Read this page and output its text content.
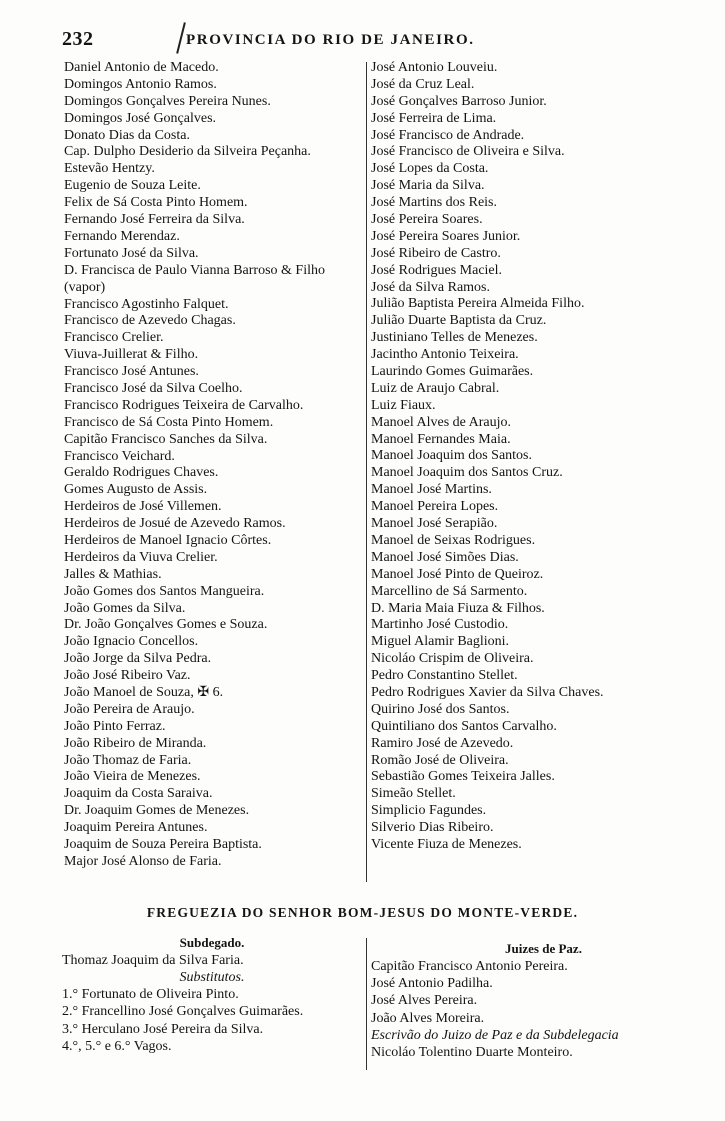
232	PROVINCIA DO RIO DE JANEIRO.
Daniel Antonio de Macedo.
Domingos Antonio Ramos.
Domingos Gonçalves Pereira Nunes.
Domingos José Gonçalves.
Donato Dias da Costa.
Cap. Dulpho Desiderio da Silveira Peçanha.
Estevão Hentzy.
Eugenio de Souza Leite.
Felix de Sá Costa Pinto Homem.
Fernando José Ferreira da Silva.
Fernando Merendaz.
Fortunato José da Silva.
D. Francisca de Paulo Vianna Barroso & Filho (vapor)
Francisco Agostinho Falquet.
Francisco de Azevedo Chagas.
Francisco Crelier.
Viuva-Juillerat & Filho.
Francisco José Antunes.
Francisco José da Silva Coelho.
Francisco Rodrigues Teixeira de Carvalho.
Francisco de Sá Costa Pinto Homem.
Capitão Francisco Sanches da Silva.
Francisco Veichard.
Geraldo Rodrigues Chaves.
Gomes Augusto de Assis.
Herdeiros de José Villemen.
Herdeiros de Josué de Azevedo Ramos.
Herdeiros de Manoel Ignacio Côrtes.
Herdeiros da Viuva Crelier.
Jalles & Mathias.
João Gomes dos Santos Mangueira.
João Gomes da Silva.
Dr. João Gonçalves Gomes e Souza.
João Ignacio Concellos.
João Jorge da Silva Pedra.
João José Ribeiro Vaz.
João Manoel de Souza, ✠ 6.
João Pereira de Araujo.
João Pinto Ferraz.
João Ribeiro de Miranda.
João Thomaz de Faria.
João Vieira de Menezes.
Joaquim da Costa Saraiva.
Dr. Joaquim Gomes de Menezes.
Joaquim Pereira Antunes.
Joaquim de Souza Pereira Baptista.
Major José Alonso de Faria.
José Antonio Louveiu.
José da Cruz Leal.
José Gonçalves Barroso Junior.
José Ferreira de Lima.
José Francisco de Andrade.
José Francisco de Oliveira e Silva.
José Lopes da Costa.
José Maria da Silva.
José Martins dos Reis.
José Pereira Soares.
José Pereira Soares Junior.
José Ribeiro de Castro.
José Rodrigues Maciel.
José da Silva Ramos.
Julião Baptista Pereira Almeida Filho.
Julião Duarte Baptista da Cruz.
Justiniano Telles de Menezes.
Jacintho Antonio Teixeira.
Laurindo Gomes Guimarães.
Luiz de Araujo Cabral.
Luiz Fiaux.
Manoel Alves de Araujo.
Manoel Fernandes Maia.
Manoel Joaquim dos Santos.
Manoel Joaquim dos Santos Cruz.
Manoel José Martins.
Manoel Pereira Lopes.
Manoel José Serapião.
Manoel de Seixas Rodrigues.
Manoel José Simões Dias.
Manoel José Pinto de Queiroz.
Marcellino de Sá Sarmento.
D. Maria Maia Fiuza & Filhos.
Martinho José Custodio.
Miguel Alamir Baglioni.
Nicoláo Crispim de Oliveira.
Pedro Constantino Stellet.
Pedro Rodrigues Xavier da Silva Chaves.
Quirino José dos Santos.
Quintiliano dos Santos Carvalho.
Ramiro José de Azevedo.
Romão José de Oliveira.
Sebastião Gomes Teixeira Jalles.
Simeão Stellet.
Simplicio Fagundes.
Silverio Dias Ribeiro.
Vicente Fiuza de Menezes.
FREGUEZIA DO SENHOR BOM-JESUS DO MONTE-VERDE.
Subdegado.
Thomaz Joaquim da Silva Faria.
Substitutos.
1.° Fortunato de Oliveira Pinto.
2.° Francellino José Gonçalves Guimarães.
3.° Herculano José Pereira da Silva.
4.°, 5.° e 6.° Vagos.
Juizes de Paz.
Capitão Francisco Antonio Pereira.
José Antonio Padilha.
José Alves Pereira.
João Alves Moreira.
Escrivão do Juizo de Paz e da Subdelegacia
Nicoláo Tolentino Duarte Monteiro.
